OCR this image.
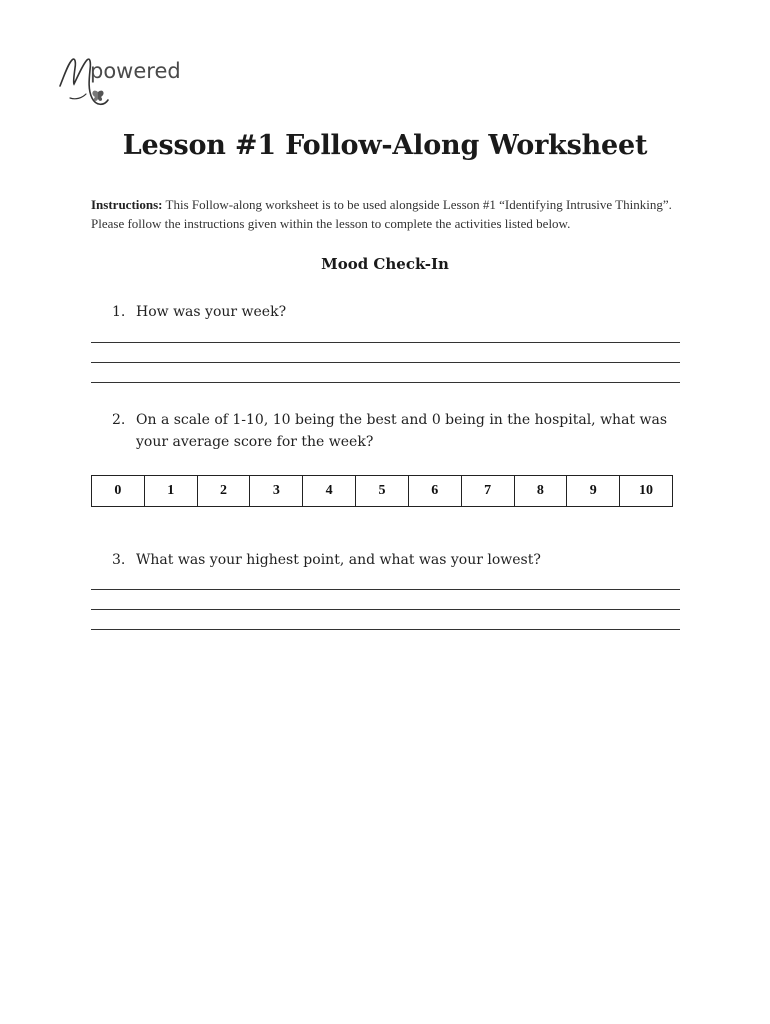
powered
Lesson #1 Follow-Along Worksheet
Instructions: This Follow-along worksheet is to be used alongside Lesson #1 “Identifying Intrusive Thinking”. Please follow the instructions given within the lesson to complete the activities listed below.
Mood Check-In
1. How was your week?
2. On a scale of 1-10, 10 being the best and 0 being in the hospital, what was your average score for the week?
0	1	2	3	4	5	6	7	8	9	10
3. What was your highest point, and what was your lowest?
